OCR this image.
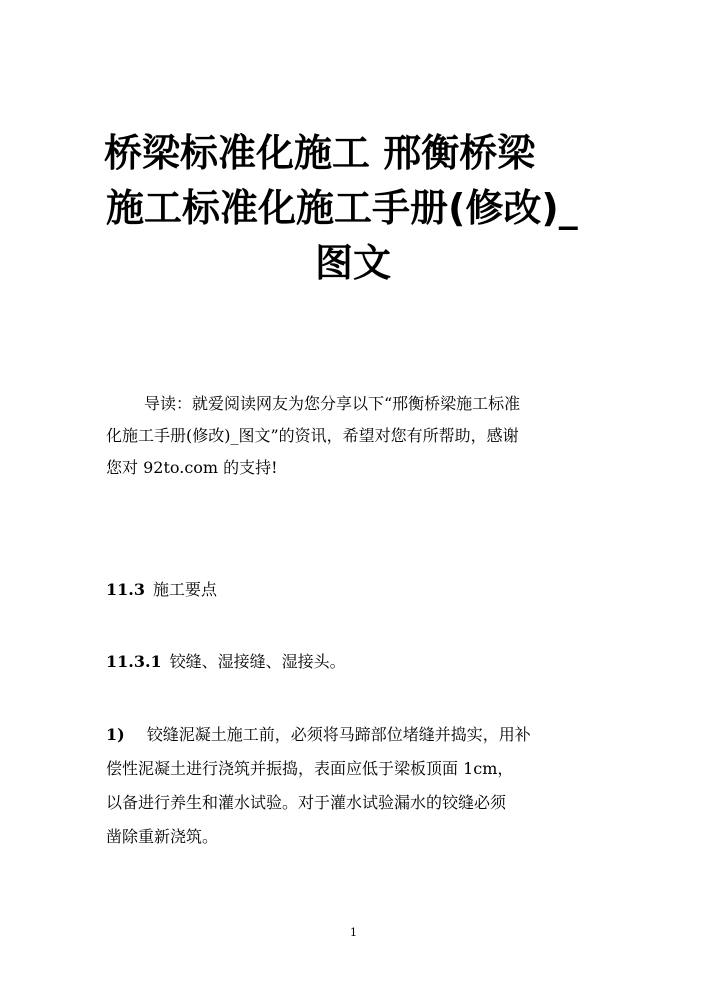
桥梁标准化施工 邢衡桥梁
施工标准化施工手册(修改)_
图文
导读：就爱阅读网友为您分享以下“邢衡桥梁施工标准
化施工手册(修改)_图文”的资讯，希望对您有所帮助，感谢
您对 92to.com 的支持!
11.3 施工要点
11.3.1 铰缝、湿接缝、湿接头。
1) 铰缝泥凝土施工前，必须将马蹄部位堵缝并捣实，用补
偿性泥凝土进行浇筑并振捣，表面应低于梁板顶面 1cm，
以备进行养生和灌水试验。对于灌水试验漏水的铰缝必须
凿除重新浇筑。
1
